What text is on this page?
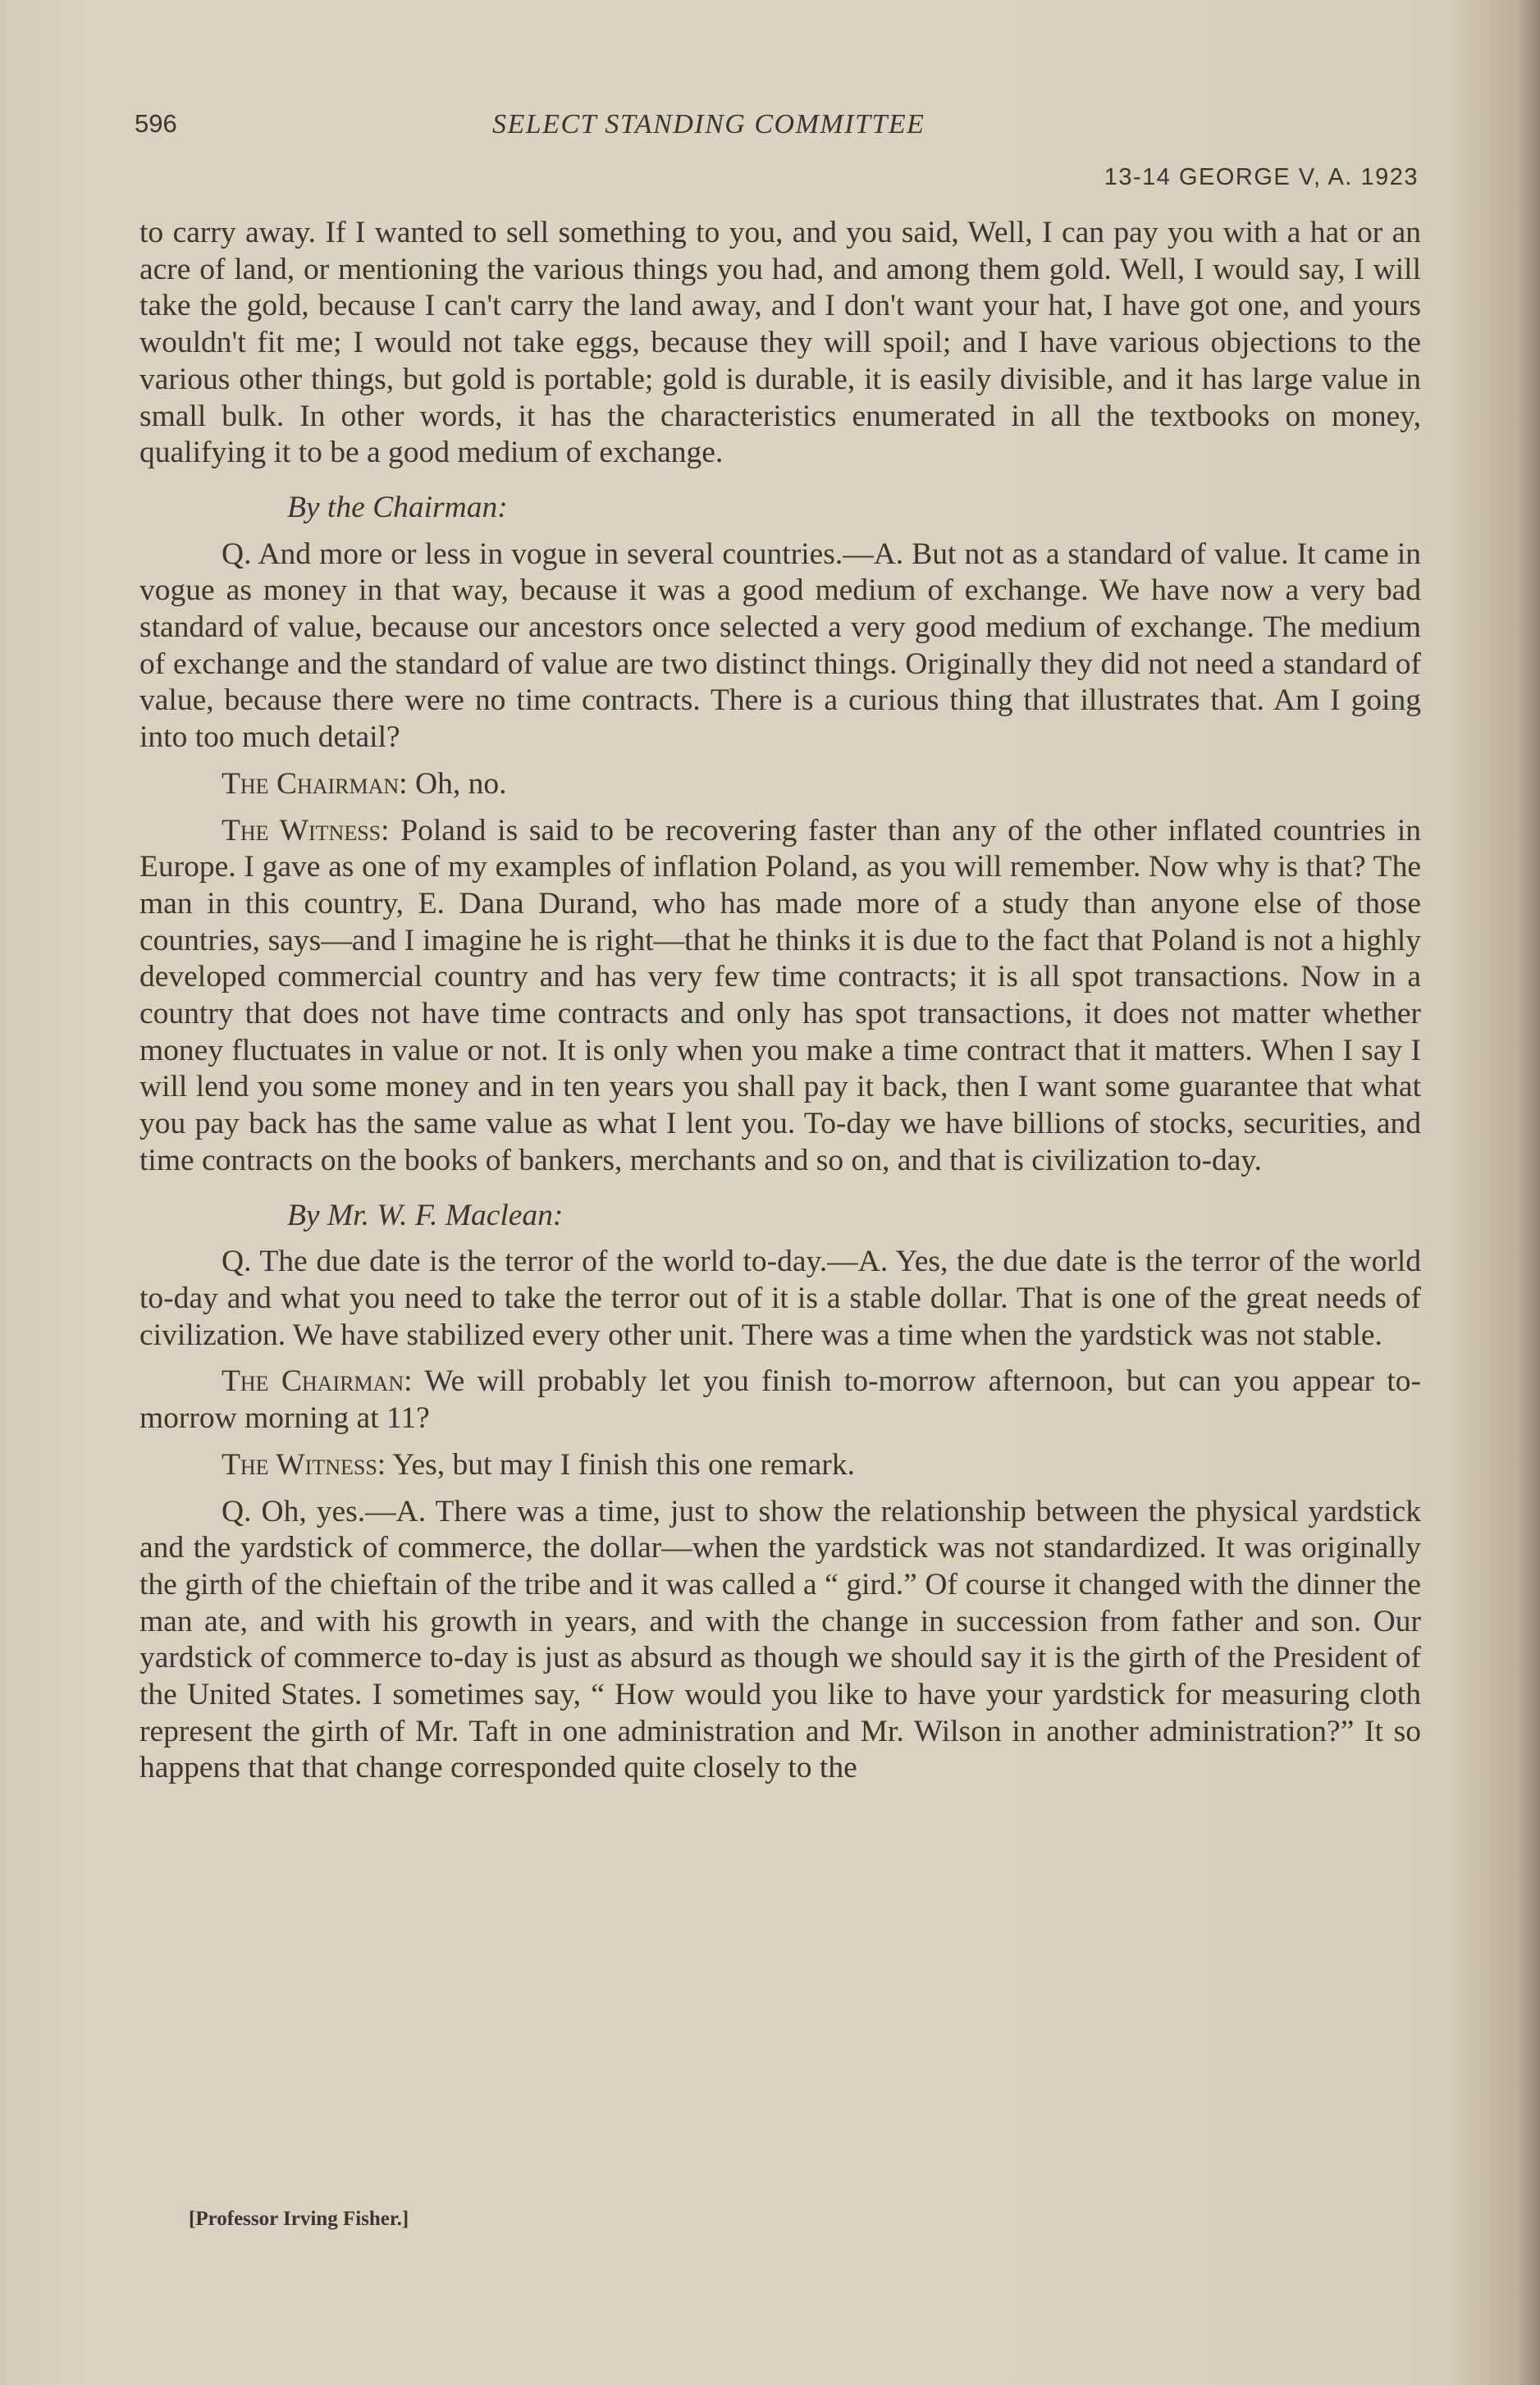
596	SELECT STANDING COMMITTEE
13-14 GEORGE V, A. 1923

to carry away. If I wanted to sell something to you, and you said, Well, I can pay you with a hat or an acre of land, or mentioning the various things you had, and among them gold. Well, I would say, I will take the gold, because I can't carry the land away, and I don't want your hat, I have got one, and yours wouldn't fit me; I would not take eggs, because they will spoil; and I have various objections to the various other things, but gold is portable; gold is durable, it is easily divisible, and it has large value in small bulk. In other words, it has the characteristics enumerated in all the textbooks on money, qualifying it to be a good medium of exchange.

By the Chairman:

Q. And more or less in vogue in several countries.—A. But not as a standard of value. It came in vogue as money in that way, because it was a good medium of exchange. We have now a very bad standard of value, because our ancestors once selected a very good medium of exchange. The medium of exchange and the standard of value are two distinct things. Originally they did not need a standard of value, because there were no time contracts. There is a curious thing that illustrates that. Am I going into too much detail?

The Chairman: Oh, no.

The Witness: Poland is said to be recovering faster than any of the other inflated countries in Europe. I gave as one of my examples of inflation Poland, as you will remember. Now why is that? The man in this country, E. Dana Durand, who has made more of a study than anyone else of those countries, says—and I imagine he is right—that he thinks it is due to the fact that Poland is not a highly developed commercial country and has very few time contracts; it is all spot transactions. Now in a country that does not have time contracts and only has spot transactions, it does not matter whether money fluctuates in value or not. It is only when you make a time contract that it matters. When I say I will lend you some money and in ten years you shall pay it back, then I want some guarantee that what you pay back has the same value as what I lent you. To-day we have billions of stocks, securities, and time contracts on the books of bankers, merchants and so on, and that is civilization to-day.

By Mr. W. F. Maclean:

Q. The due date is the terror of the world to-day.—A. Yes, the due date is the terror of the world to-day and what you need to take the terror out of it is a stable dollar. That is one of the great needs of civilization. We have stabilized every other unit. There was a time when the yardstick was not stable.

The Chairman: We will probably let you finish to-morrow afternoon, but can you appear to-morrow morning at 11?

The Witness: Yes, but may I finish this one remark.

Q. Oh, yes.—A. There was a time, just to show the relationship between the physical yardstick and the yardstick of commerce, the dollar—when the yardstick was not standardized. It was originally the girth of the chieftain of the tribe and it was called a “ gird.” Of course it changed with the dinner the man ate, and with his growth in years, and with the change in succession from father and son. Our yardstick of commerce to-day is just as absurd as though we should say it is the girth of the President of the United States. I sometimes say, “ How would you like to have your yardstick for measuring cloth represent the girth of Mr. Taft in one administration and Mr. Wilson in another administration?” It so happens that that change corresponded quite closely to the

[Professor Irving Fisher.]
